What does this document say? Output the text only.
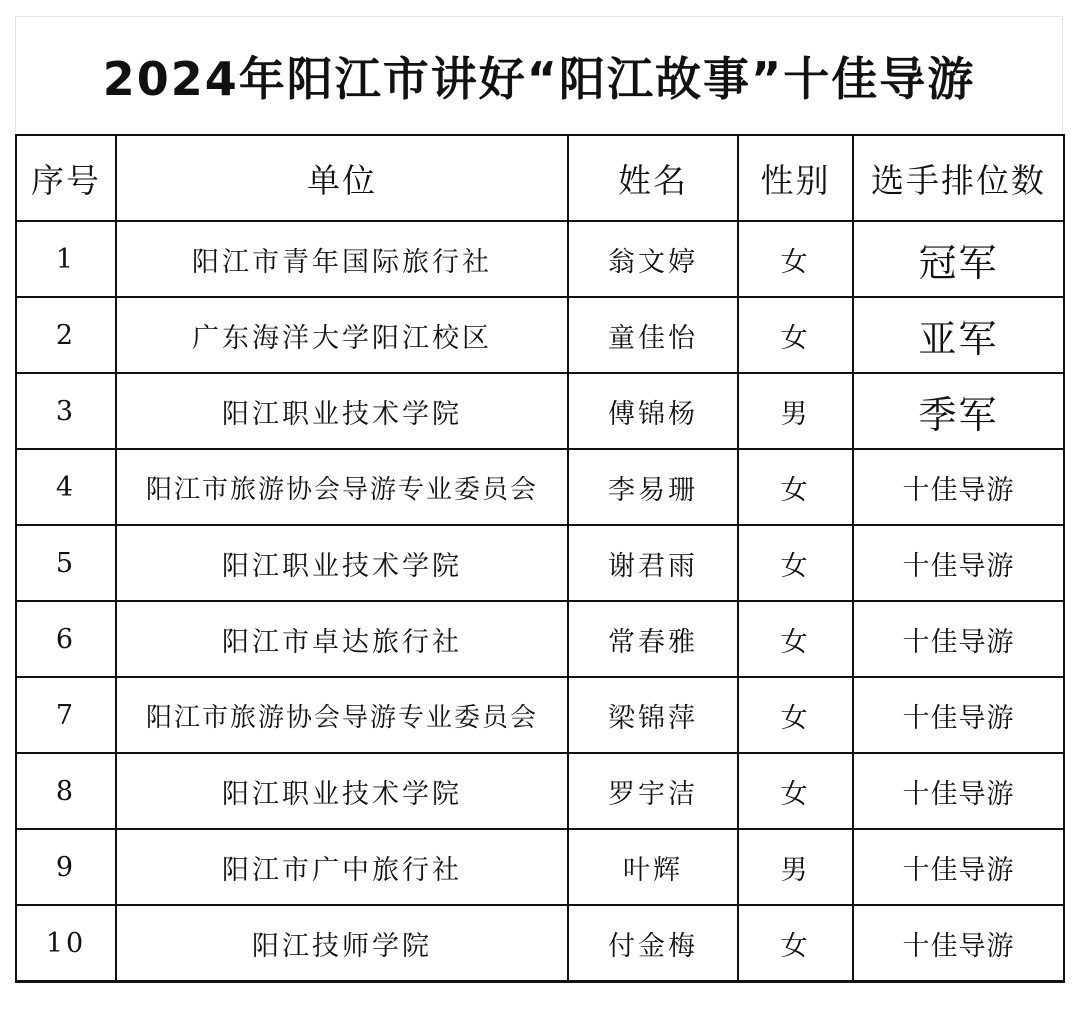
2024年阳江市讲好“阳江故事”十佳导游
序号	单位	姓名	性别	选手排位数
1	阳江市青年国际旅行社	翁文婷	女	冠军
2	广东海洋大学阳江校区	童佳怡	女	亚军
3	阳江职业技术学院	傅锦杨	男	季军
4	阳江市旅游协会导游专业委员会	李易珊	女	十佳导游
5	阳江职业技术学院	谢君雨	女	十佳导游
6	阳江市卓达旅行社	常春雅	女	十佳导游
7	阳江市旅游协会导游专业委员会	梁锦萍	女	十佳导游
8	阳江职业技术学院	罗宇洁	女	十佳导游
9	阳江市广中旅行社	叶辉	男	十佳导游
10	阳江技师学院	付金梅	女	十佳导游
